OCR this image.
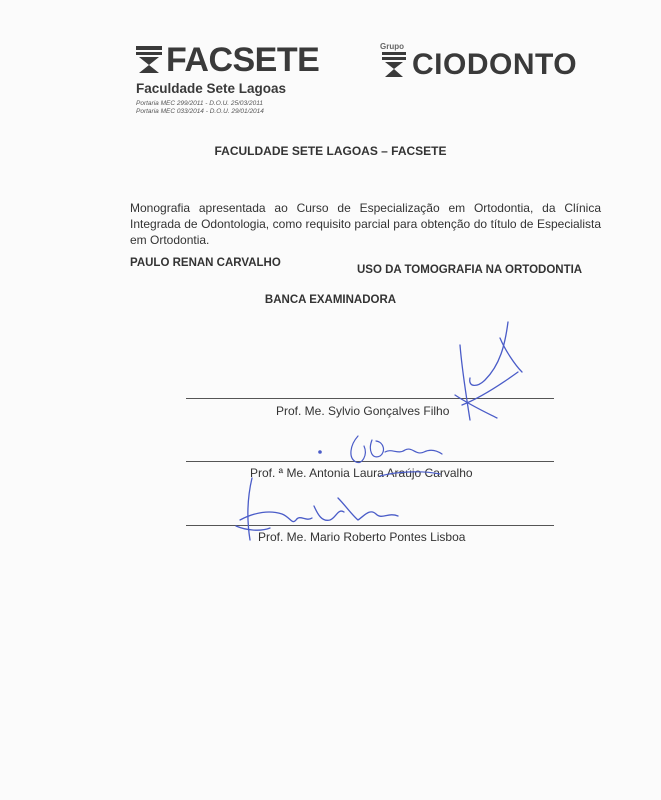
FACSETE
Faculdade Sete Lagoas
Portaria MEC 299/2011 - D.O.U. 25/03/2011
Portaria MEC 033/2014 - D.O.U. 29/01/2014
Grupo
CIODONTO
FACULDADE SETE LAGOAS – FACSETE
Monografia apresentada ao Curso de Especialização em Ortodontia, da Clínica Integrada de Odontologia, como requisito parcial para obtenção do título de Especialista em Ortodontia.
PAULO RENAN CARVALHO
USO DA TOMOGRAFIA NA ORTODONTIA
BANCA EXAMINADORA
Prof. Me. Sylvio Gonçalves Filho
Prof. ª Me. Antonia Laura Araújo Carvalho
Prof. Me. Mario Roberto Pontes Lisboa
